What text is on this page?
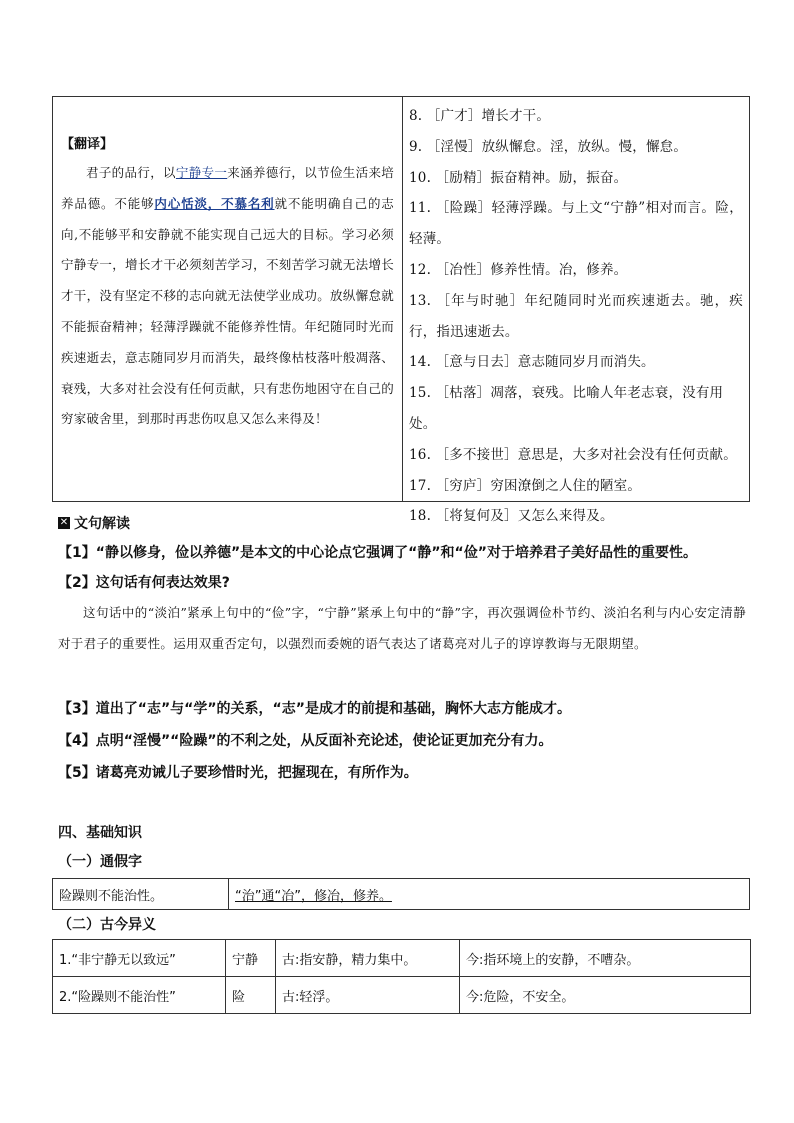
【翻译】
君子的品行，以宁静专一来涵养德行，以节俭生活来培养品德。不能够内心恬淡，不慕名利就不能明确自己的志向,不能够平和安静就不能实现自己远大的目标。学习必须宁静专一，增长才干必须刻苦学习，不刻苦学习就无法增长才干，没有坚定不移的志向就无法使学业成功。放纵懈怠就不能振奋精神；轻薄浮躁就不能修养性情。年纪随同时光而疾速逝去，意志随同岁月而消失，最终像枯枝落叶般凋落、衰残，大多对社会没有任何贡献，只有悲伤地困守在自己的穷家破舍里，到那时再悲伤叹息又怎么来得及！
8. ［广才］增长才干。
9. ［淫慢］放纵懈怠。淫，放纵。慢，懈怠。
10. ［励精］振奋精神。励，振奋。
11. ［险躁］轻薄浮躁。与上文“宁静”相对而言。险，轻薄。
12. ［冶性］修养性情。冶，修养。
13. ［年与时驰］年纪随同时光而疾速逝去。驰，疾行，指迅速逝去。
14. ［意与日去］意志随同岁月而消失。
15. ［枯落］凋落，衰残。比喻人年老志衰，没有用处。
16. ［多不接世］意思是，大多对社会没有任何贡献。
17. ［穷庐］穷困潦倒之人住的陋室。
18. ［将复何及］又怎么来得及。
✕ 文句解读
【1】“静以修身，俭以养德”是本文的中心论点它强调了“静”和“俭”对于培养君子美好品性的重要性。
【2】这句话有何表达效果?
这句话中的“淡泊”紧承上句中的“俭”字，“宁静”紧承上句中的“静”字，再次强调俭朴节约、淡泊名利与内心安定清静对于君子的重要性。运用双重否定句，以强烈而委婉的语气表达了诸葛亮对儿子的谆谆教诲与无限期望。
【3】道出了“志”与“学”的关系，“志”是成才的前提和基础，胸怀大志方能成才。
【4】点明“淫慢”“险躁”的不利之处，从反面补充论述，使论证更加充分有力。
【5】诸葛亮劝诫儿子要珍惜时光，把握现在，有所作为。
四、基础知识
（一）通假字
险躁则不能治性。	“治”通“冶”，修冶，修养。
（二）古今异义
1.“非宁静无以致远”	宁静	古:指安静，精力集中。	今:指环境上的安静，不嘈杂。
2.“险躁则不能治性”	险	古:轻浮。	今:危险，不安全。
